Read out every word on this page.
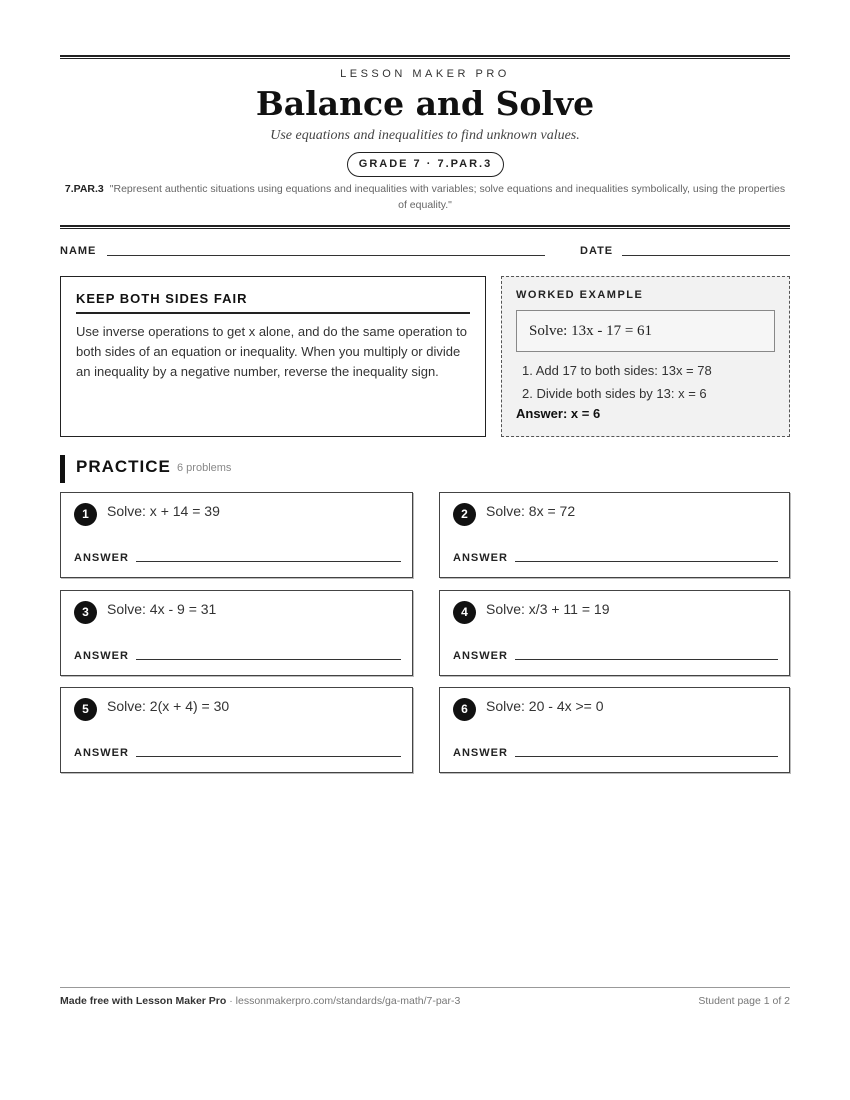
LESSON MAKER PRO
Balance and Solve
Use equations and inequalities to find unknown values.
GRADE 7 · 7.PAR.3
7.PAR.3 "Represent authentic situations using equations and inequalities with variables; solve equations and inequalities symbolically, using the properties of equality."
NAME	DATE
KEEP BOTH SIDES FAIR
Use inverse operations to get x alone, and do the same operation to both sides of an equation or inequality. When you multiply or divide an inequality by a negative number, reverse the inequality sign.
WORKED EXAMPLE
Solve: 13x - 17 = 61
1. Add 17 to both sides: 13x = 78
2. Divide both sides by 13: x = 6
Answer: x = 6
PRACTICE 6 problems
1	Solve: x + 14 = 39
ANSWER
2	Solve: 8x = 72
ANSWER
3	Solve: 4x - 9 = 31
ANSWER
4	Solve: x/3 + 11 = 19
ANSWER
5	Solve: 2(x + 4) = 30
ANSWER
6	Solve: 20 - 4x >= 0
ANSWER
Made free with Lesson Maker Pro · lessonmakerpro.com/standards/ga-math/7-par-3	Student page 1 of 2
